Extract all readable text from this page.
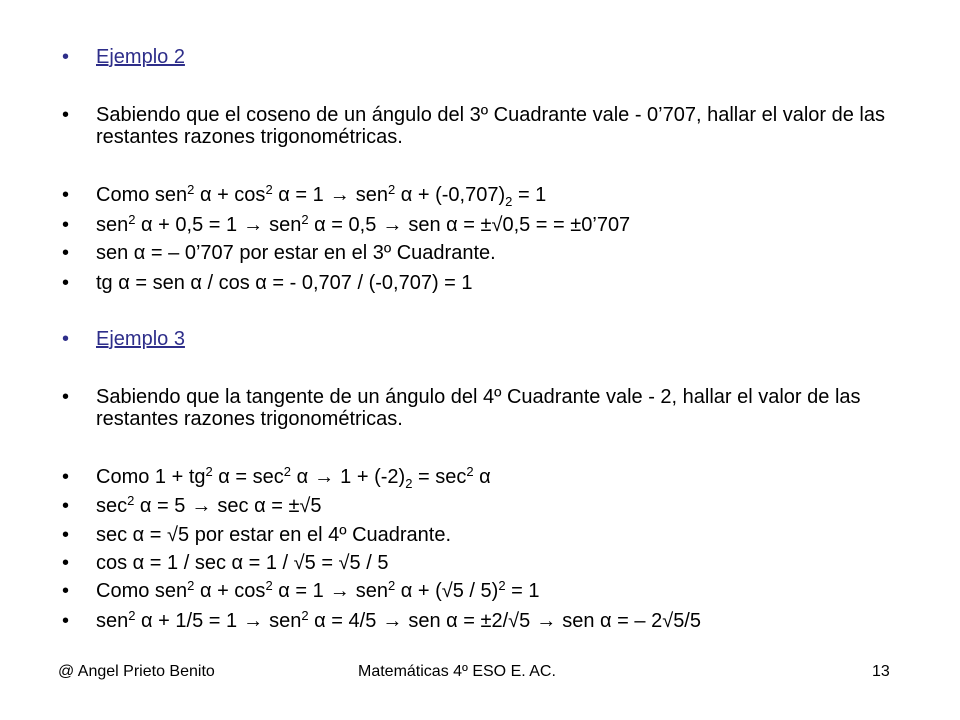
•	Ejemplo 2
•	Sabiendo que el coseno de un ángulo del 3º Cuadrante vale - 0’707, hallar el valor de las restantes razones trigonométricas.
•	Como sen$^2$ $\alpha + \cos^2 \alpha = 1 \to sen^2$ $\alpha + (-0,707)_2 = 1$
•	sen$^2$ α + 0,5 = 1 → sen$^2$ α = 0,5 → sen α = ±√0,5 = = ±0’707
•	sen α = – 0’707 por estar en el 3º Cuadrante.
•	tg α = sen α / cos α = - 0,707 / (-0,707) = 1
•	Ejemplo 3
•	Sabiendo que la tangente de un ángulo del 4º Cuadrante vale - 2, hallar el valor de las restantes razones trigonométricas.
•	Como $1 + tg^2$ $\alpha = \sec^2 \alpha \to 1 + (-2)_2 = \sec^2 \alpha$
•	$\sec^2 \alpha = 5 \to \sec \alpha = \pm√5$
•	sec α = √5 por estar en el 4º Cuadrante.
•	cos α = 1 / sec α = 1 / √5 = √5 / 5
•	Como sen$^2$ $\alpha + \cos^2 \alpha = 1 \to sen^2$ α + (√5 / 5)$^2$ = 1
•	sen$^2$ α + 1/5 = 1 → sen$^2$ α = 4/5 → sen α = ±2/√5 → sen α = – 2√5/5
@ Angel Prieto Benito	Matemáticas 4º ESO E. AC.	13
